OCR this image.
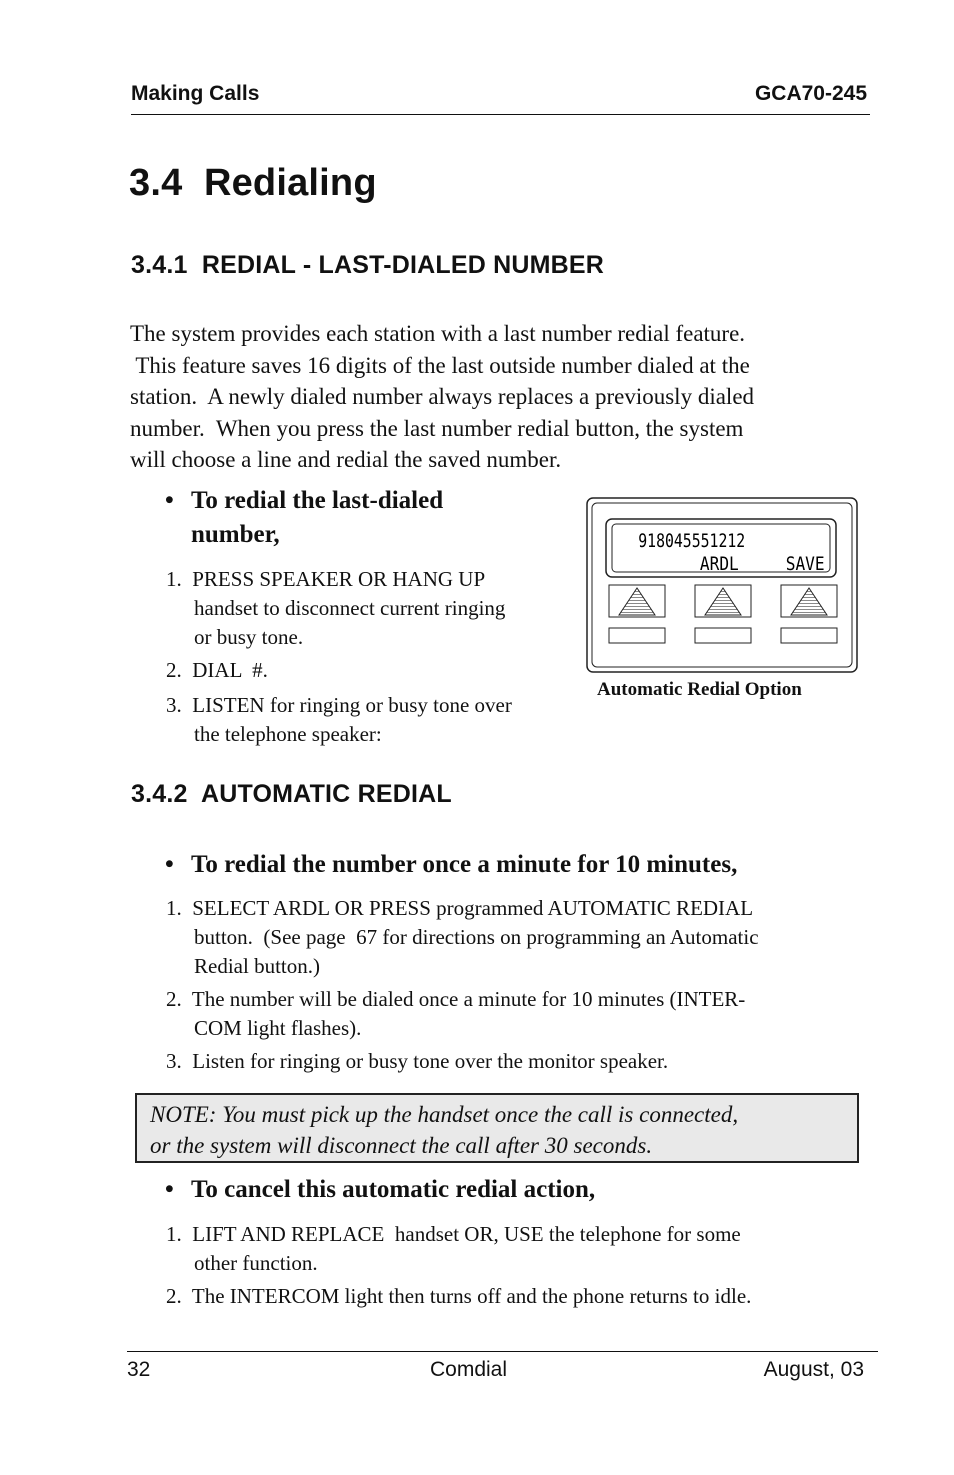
Making Calls	GCA70-245
3.4  Redialing
3.4.1  REDIAL - LAST-DIALED NUMBER
The system provides each station with a last number redial feature.
This feature saves 16 digits of the last outside number dialed at the
station.  A newly dialed number always replaces a previously dialed
number.  When you press the last number redial button, the system
will choose a line and redial the saved number.
• To redial the last-dialed
number,
1.  PRESS SPEAKER OR HANG UP
handset to disconnect current ringing
or busy tone.
2.  DIAL  #.
3.  LISTEN for ringing or busy tone over
the telephone speaker:
918045551212
ARDL SAVE
Automatic Redial Option
3.4.2  AUTOMATIC REDIAL
• To redial the number once a minute for 10 minutes,
1.  SELECT ARDL OR PRESS programmed AUTOMATIC REDIAL
button.  (See page  67 for directions on programming an Automatic
Redial button.)
2.  The number will be dialed once a minute for 10 minutes (INTER-
COM light flashes).
3.  Listen for ringing or busy tone over the monitor speaker.
NOTE: You must pick up the handset once the call is connected,
or the system will disconnect the call after 30 seconds.
• To cancel this automatic redial action,
1.  LIFT AND REPLACE  handset OR, USE the telephone for some
other function.
2.  The INTERCOM light then turns off and the phone returns to idle.
32	Comdial	August, 03
